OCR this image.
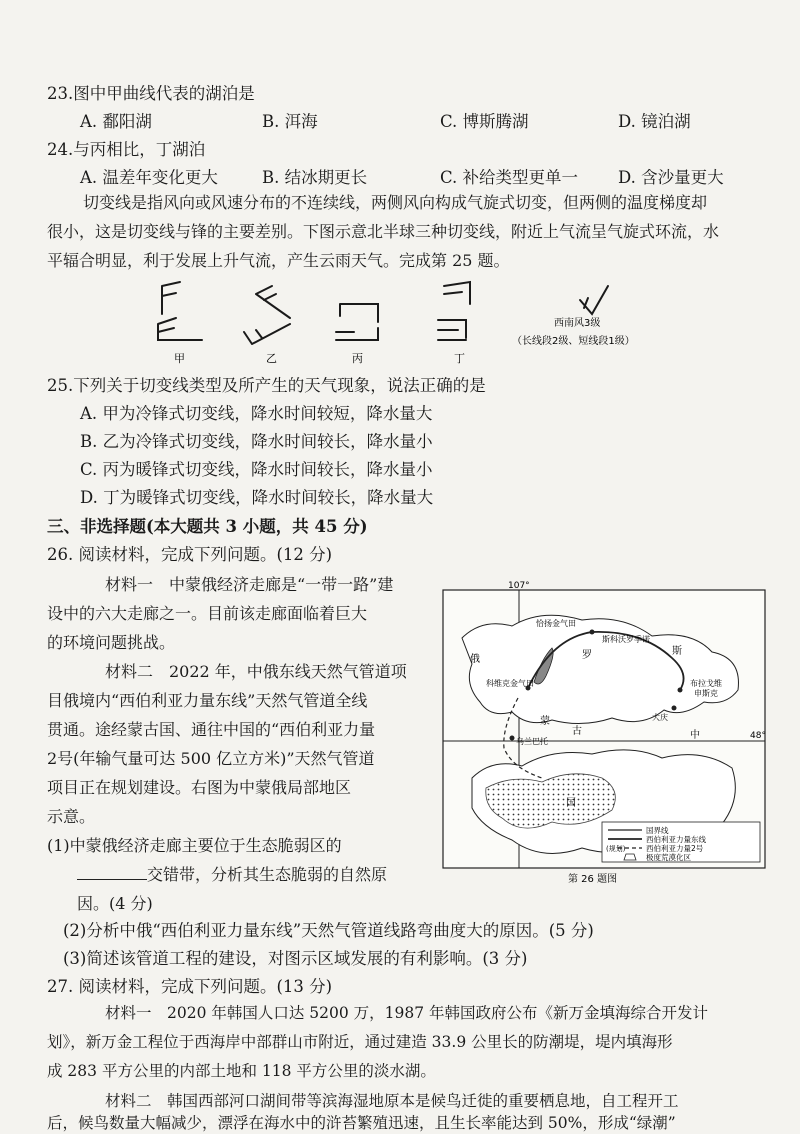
23.图中甲曲线代表的湖泊是
A. 鄱阳湖	B. 洱海	C. 博斯腾湖	D. 镜泊湖
24.与丙相比，丁湖泊
A. 温差年变化更大	B. 结冰期更长	C. 补给类型更单一 D. 含沙量更大
切变线是指风向或风速分布的不连续线，两侧风向构成气旋式切变，但两侧的温度梯度却
很小，这是切变线与锋的主要差别。下图示意北半球三种切变线，附近上气流呈气旋式环流，水
平辐合明显，利于发展上升气流，产生云雨天气。完成第 25 题。
甲	乙	丙	丁
西南风3级
（长线段2级、短线段1级）
25.下列关于切变线类型及所产生的天气现象，说法正确的是
A. 甲为冷锋式切变线，降水时间较短，降水量大
B. 乙为冷锋式切变线，降水时间较长，降水量小
C. 丙为暖锋式切变线，降水时间较长，降水量小
D. 丁为暖锋式切变线，降水时间较长，降水量大
三、非选择题(本大题共 3 小题，共 45 分)
26. 阅读材料，完成下列问题。(12 分)
材料一　中蒙俄经济走廊是“一带一路”建
设中的六大走廊之一。目前该走廊面临着巨大
的环境问题挑战。
材料二　2022 年，中俄东线天然气管道项
目俄境内“西伯利亚力量东线”天然气管道全线
贯通。途经蒙古国、通往中国的“西伯利亚力量
2号(年输气量可达 500 亿立方米)”天然气管道
项目正在规划建设。右图为中蒙俄局部地区
示意。
(1)中蒙俄经济走廊主要位于生态脆弱区的
交错带，分析其生态脆弱的自然原
因。(4 分)
(2)分析中俄“西伯利亚力量东线”天然气管道线路弯曲度大的原因。(5 分)
(3)简述该管道工程的建设，对图示区域发展的有利影响。(3 分)
107°
48°
恰扬金气田
斯科沃罗季诺
科维克金气田	布拉戈维
申斯克
大庆
乌兰巴托
俄	罗	斯
蒙
古	中
国
国界线
西伯利亚力量东线
(规划)	西伯利亚力量2号
极度荒漠化区
第 26 题图
27. 阅读材料，完成下列问题。(13 分)
材料一　2020 年韩国人口达 5200 万，1987 年韩国政府公布《新万金填海综合开发计
划》，新万金工程位于西海岸中部群山市附近，通过建造 33.9 公里长的防潮堤，堤内填海形
成 283 平方公里的内部土地和 118 平方公里的淡水湖。
材料二　韩国西部河口湖间带等滨海湿地原本是候鸟迁徙的重要栖息地，自工程开工
后，候鸟数量大幅减少，漂浮在海水中的浒苔繁殖迅速，且生长率能达到 50%，形成“绿潮”
